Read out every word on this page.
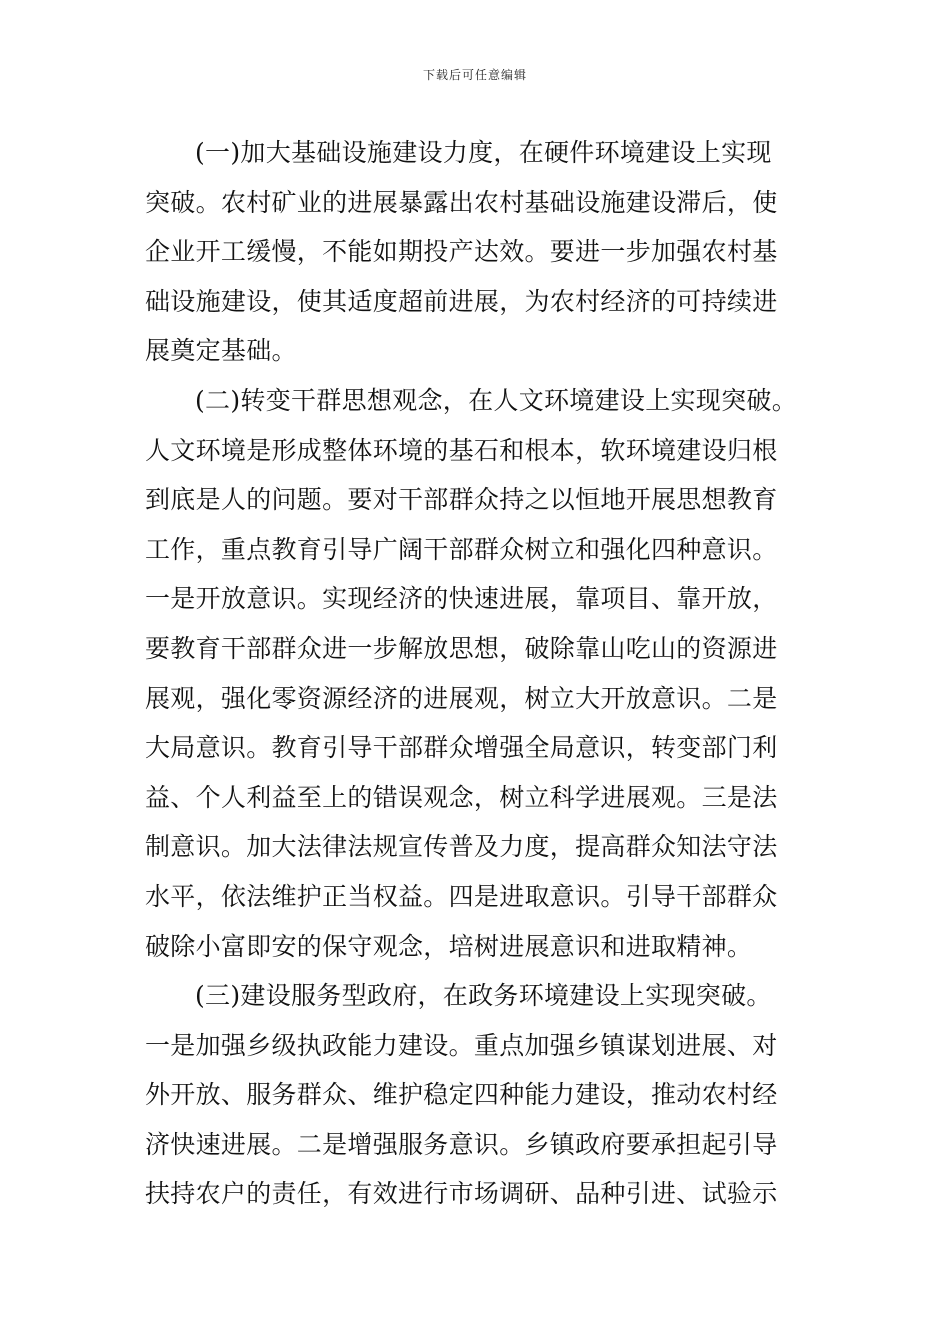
下载后可任意编辑
(一)加大基础设施建设力度，在硬件环境建设上实现
突破。农村矿业的进展暴露出农村基础设施建设滞后，使
企业开工缓慢，不能如期投产达效。要进一步加强农村基
础设施建设，使其适度超前进展，为农村经济的可持续进
展奠定基础。
(二)转变干群思想观念，在人文环境建设上实现突破。
人文环境是形成整体环境的基石和根本，软环境建设归根
到底是人的问题。要对干部群众持之以恒地开展思想教育
工作，重点教育引导广阔干部群众树立和强化四种意识。
一是开放意识。实现经济的快速进展，靠项目、靠开放，
要教育干部群众进一步解放思想，破除靠山吃山的资源进
展观，强化零资源经济的进展观，树立大开放意识。二是
大局意识。教育引导干部群众增强全局意识，转变部门利
益、个人利益至上的错误观念，树立科学进展观。三是法
制意识。加大法律法规宣传普及力度，提高群众知法守法
水平，依法维护正当权益。四是进取意识。引导干部群众
破除小富即安的保守观念，培树进展意识和进取精神。
(三)建设服务型政府，在政务环境建设上实现突破。
一是加强乡级执政能力建设。重点加强乡镇谋划进展、对
外开放、服务群众、维护稳定四种能力建设，推动农村经
济快速进展。二是增强服务意识。乡镇政府要承担起引导
扶持农户的责任，有效进行市场调研、品种引进、试验示
